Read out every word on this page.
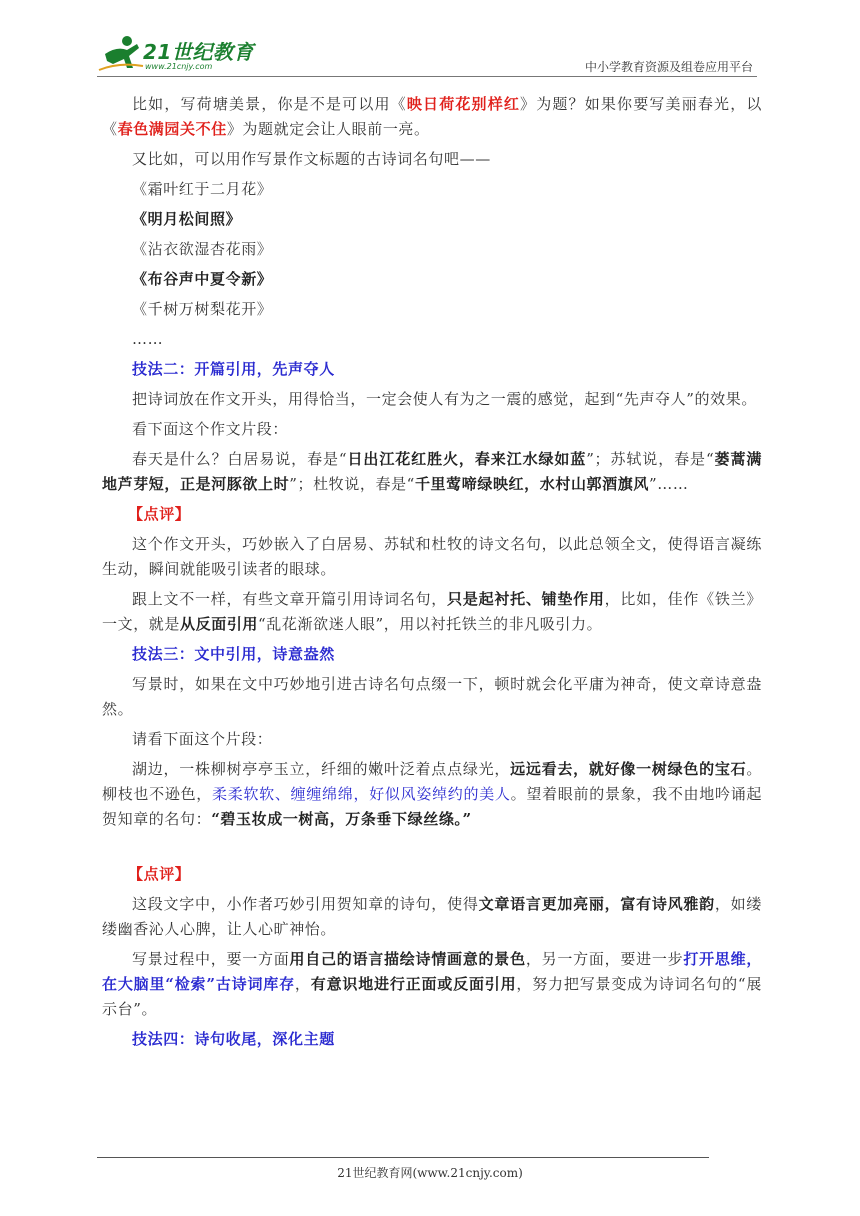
21世纪教育
www.21cnjy.com	中小学教育资源及组卷应用平台

比如，写荷塘美景，你是不是可以用《映日荷花别样红》为题？如果你要写美丽春光，以《春色满园关不住》为题就定会让人眼前一亮。

又比如，可以用作写景作文标题的古诗词名句吧——

《霜叶红于二月花》

《明月松间照》

《沾衣欲湿杏花雨》

《布谷声中夏令新》

《千树万树梨花开》

……

技法二：开篇引用，先声夺人

把诗词放在作文开头，用得恰当，一定会使人有为之一震的感觉，起到“先声夺人”的效果。

看下面这个作文片段：

春天是什么？白居易说，春是“日出江花红胜火，春来江水绿如蓝”；苏轼说，春是“蒌蒿满地芦芽短，正是河豚欲上时”；杜牧说，春是“千里莺啼绿映红，水村山郭酒旗风”……

【点评】

这个作文开头，巧妙嵌入了白居易、苏轼和杜牧的诗文名句，以此总领全文，使得语言凝练生动，瞬间就能吸引读者的眼球。

跟上文不一样，有些文章开篇引用诗词名句，只是起衬托、铺垫作用，比如，佳作《铁兰》一文，就是从反面引用“乱花渐欲迷人眼”，用以衬托铁兰的非凡吸引力。

技法三：文中引用，诗意盎然

写景时，如果在文中巧妙地引进古诗名句点缀一下，顿时就会化平庸为神奇，使文章诗意盎然。

请看下面这个片段：

湖边，一株柳树亭亭玉立，纤细的嫩叶泛着点点绿光，远远看去，就好像一树绿色的宝石。柳枝也不逊色，柔柔软软、缠缠绵绵，好似风姿绰约的美人。望着眼前的景象，我不由地吟诵起贺知章的名句：“碧玉妆成一树高，万条垂下绿丝绦。”

【点评】

这段文字中，小作者巧妙引用贺知章的诗句，使得文章语言更加亮丽，富有诗风雅韵，如缕缕幽香沁人心脾，让人心旷神怡。

写景过程中，要一方面用自己的语言描绘诗情画意的景色，另一方面，要进一步打开思维，在大脑里“检索”古诗词库存，有意识地进行正面或反面引用，努力把写景变成为诗词名句的“展示台”。

技法四：诗句收尾，深化主题

21世纪教育网(www.21cnjy.com)
